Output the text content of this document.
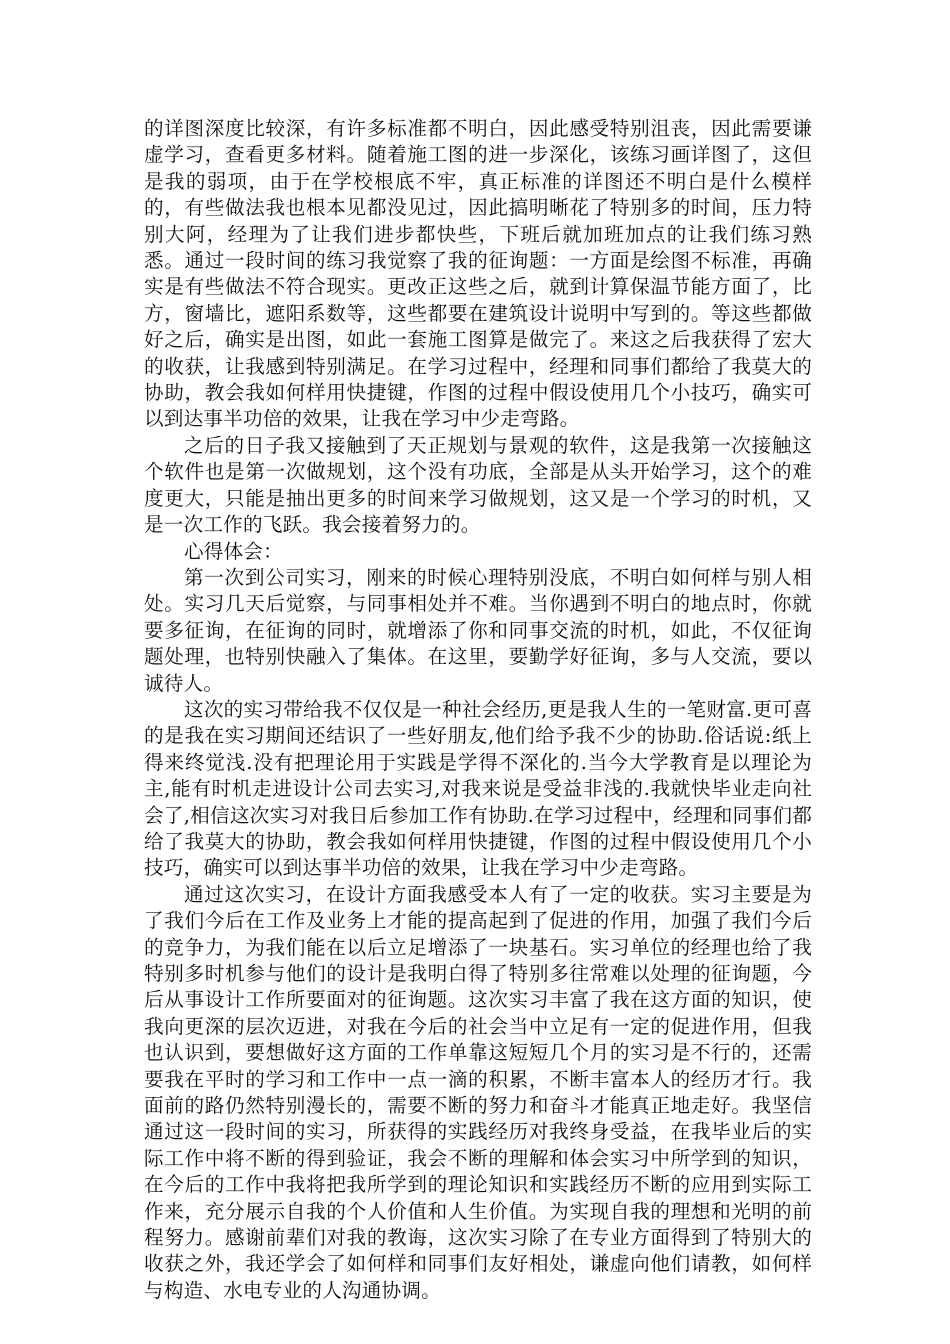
的详图深度比较深，有许多标准都不明白，因此感受特别沮丧，因此需要谦虚学习，查看更多材料。随着施工图的进一步深化，该练习画详图了，这但是我的弱项，由于在学校根底不牢，真正标准的详图还不明白是什么模样的，有些做法我也根本见都没见过，因此搞明晰花了特别多的时间，压力特别大阿，经理为了让我们进步都快些，下班后就加班加点的让我们练习熟悉。通过一段时间的练习我觉察了我的征询题：一方面是绘图不标准，再确实是有些做法不符合现实。更改正这些之后，就到计算保温节能方面了，比方，窗墙比，遮阳系数等，这些都要在建筑设计说明中写到的。等这些都做好之后，确实是出图，如此一套施工图算是做完了。来这之后我获得了宏大的收获，让我感到特别满足。在学习过程中，经理和同事们都给了我莫大的协助，教会我如何样用快捷键，作图的过程中假设使用几个小技巧，确实可以到达事半功倍的效果，让我在学习中少走弯路。

之后的日子我又接触到了天正规划与景观的软件，这是我第一次接触这个软件也是第一次做规划，这个没有功底，全部是从头开始学习，这个的难度更大，只能是抽出更多的时间来学习做规划，这又是一个学习的时机，又是一次工作的飞跃。我会接着努力的。

心得体会：

第一次到公司实习，刚来的时候心理特别没底，不明白如何样与别人相处。实习几天后觉察，与同事相处并不难。当你遇到不明白的地点时，你就要多征询，在征询的同时，就增添了你和同事交流的时机，如此，不仅征询题处理，也特别快融入了集体。在这里，要勤学好征询，多与人交流，要以诚待人。

这次的实习带给我不仅仅是一种社会经历,更是我人生的一笔财富.更可喜的是我在实习期间还结识了一些好朋友,他们给予我不少的协助.俗话说:纸上得来终觉浅.没有把理论用于实践是学得不深化的.当今大学教育是以理论为主,能有时机走进设计公司去实习,对我来说是受益非浅的.我就快毕业走向社会了,相信这次实习对我日后参加工作有协助.在学习过程中，经理和同事们都给了我莫大的协助，教会我如何样用快捷键，作图的过程中假设使用几个小技巧，确实可以到达事半功倍的效果，让我在学习中少走弯路。

通过这次实习，在设计方面我感受本人有了一定的收获。实习主要是为了我们今后在工作及业务上才能的提高起到了促进的作用，加强了我们今后的竞争力，为我们能在以后立足增添了一块基石。实习单位的经理也给了我特别多时机参与他们的设计是我明白得了特别多往常难以处理的征询题，今后从事设计工作所要面对的征询题。这次实习丰富了我在这方面的知识，使我向更深的层次迈进，对我在今后的社会当中立足有一定的促进作用，但我也认识到，要想做好这方面的工作单靠这短短几个月的实习是不行的，还需要我在平时的学习和工作中一点一滴的积累，不断丰富本人的经历才行。我面前的路仍然特别漫长的，需要不断的努力和奋斗才能真正地走好。我坚信通过这一段时间的实习，所获得的实践经历对我终身受益，在我毕业后的实际工作中将不断的得到验证，我会不断的理解和体会实习中所学到的知识，在今后的工作中我将把我所学到的理论知识和实践经历不断的应用到实际工作来，充分展示自我的个人价值和人生价值。为实现自我的理想和光明的前程努力。感谢前辈们对我的教诲，这次实习除了在专业方面得到了特别大的收获之外，我还学会了如何样和同事们友好相处，谦虚向他们请教，如何样与构造、水电专业的人沟通协调。
